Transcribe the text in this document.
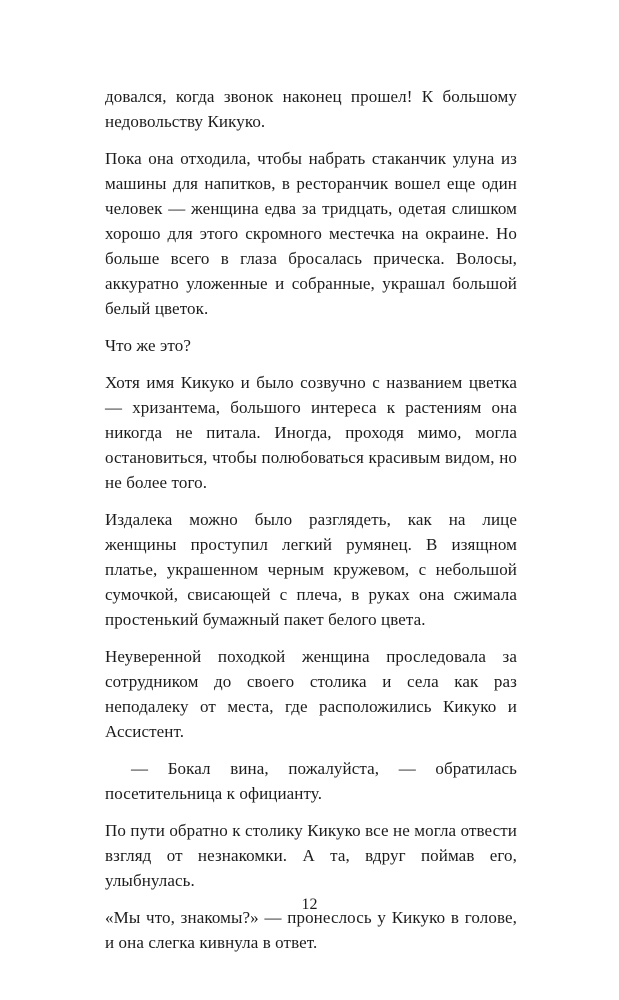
довался, когда звонок наконец прошел! К большому недовольству Кикуко.

Пока она отходила, чтобы набрать стаканчик улуна из машины для напитков, в ресторанчик вошел еще один человек — женщина едва за тридцать, одетая слишком хорошо для этого скромного местечка на окраине. Но больше всего в глаза бросалась прическа. Волосы, аккуратно уложенные и собранные, украшал большой белый цветок.

Что же это?

Хотя имя Кикуко и было созвучно с названием цветка — хризантема, большого интереса к растениям она никогда не питала. Иногда, проходя мимо, могла остановиться, чтобы полюбоваться красивым видом, но не более того.

Издалека можно было разглядеть, как на лице женщины проступил легкий румянец. В изящном платье, украшенном черным кружевом, с небольшой сумочкой, свисающей с плеча, в руках она сжимала простенький бумажный пакет белого цвета.

Неуверенной походкой женщина проследовала за сотрудником до своего столика и села как раз неподалеку от места, где расположились Кикуко и Ассистент.

— Бокал вина, пожалуйста, — обратилась посетительница к официанту.

По пути обратно к столику Кикуко все не могла отвести взгляд от незнакомки. А та, вдруг поймав его, улыбнулась.

«Мы что, знакомы?» — пронеслось у Кикуко в голове, и она слегка кивнула в ответ.

12
